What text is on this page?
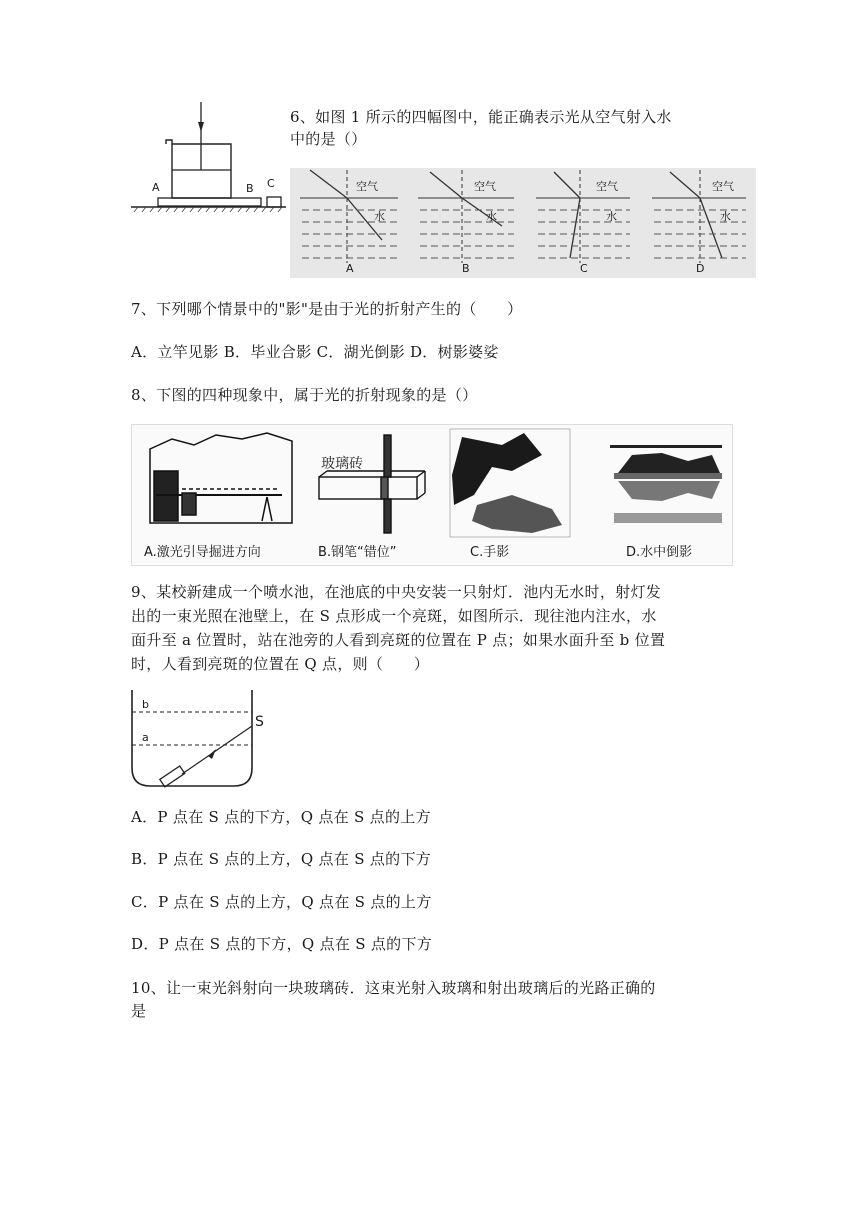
A	B C
6、如图 1 所示的四幅图中，能正确表示光从空气射入水
中的是（）
空气
水
A
空气
水
B
空气
水
C
空气
水
D
7、下列哪个情景中的"影"是由于光的折射产生的（　　）
A．立竿见影 B．毕业合影 C．湖光倒影 D．树影婆娑
8、下图的四种现象中，属于光的折射现象的是（）
玻璃砖
A.激光引导掘进方向	B.钢笔“错位”	C.手影	D.水中倒影
9、某校新建成一个喷水池，在池底的中央安装一只射灯．池内无水时，射灯发
出的一束光照在池壁上，在 S 点形成一个亮斑，如图所示．现往池内注水，水
面升至 a 位置时，站在池旁的人看到亮斑的位置在 P 点；如果水面升至 b 位置
时，人看到亮斑的位置在 Q 点，则（　　）
b
a
S
A．P 点在 S 点的下方，Q 点在 S 点的上方
B．P 点在 S 点的上方，Q 点在 S 点的下方
C．P 点在 S 点的上方，Q 点在 S 点的上方
D．P 点在 S 点的下方，Q 点在 S 点的下方
10、让一束光斜射向一块玻璃砖．这束光射入玻璃和射出玻璃后的光路正确的
是
